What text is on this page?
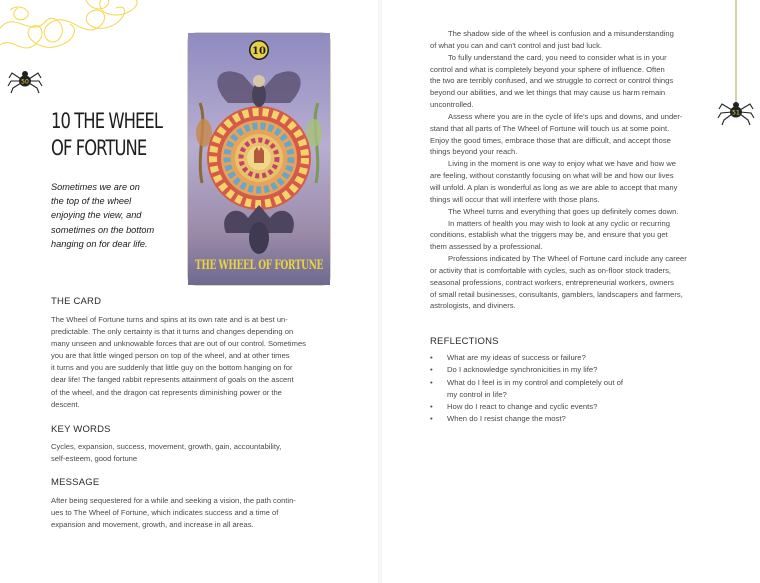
50
51
10
THE WHEEL OF FORTUNE
10 THE WHEEL
OF FORTUNE
Sometimes we are on
the top of the wheel
enjoying the view, and
sometimes on the bottom
hanging on for dear life.
THE CARD
The Wheel of Fortune turns and spins at its own rate and is at best un-
predictable. The only certainty is that it turns and changes depending on
many unseen and unknowable forces that are out of our control. Sometimes
you are that little winged person on top of the wheel, and at other times
it turns and you are suddenly that little guy on the bottom hanging on for
dear life! The fanged rabbit represents attainment of goals on the ascent
of the wheel, and the dragon cat represents diminishing power or the
descent.
KEY WORDS
Cycles, expansion, success, movement, growth, gain, accountability,
self-esteem, good fortune
MESSAGE
After being sequestered for a while and seeking a vision, the path contin-
ues to The Wheel of Fortune, which indicates success and a time of
expansion and movement, growth, and increase in all areas.
The shadow side of the wheel is confusion and a misunderstanding
of what you can and can't control and just bad luck.
To fully understand the card, you need to consider what is in your
control and what is completely beyond your sphere of influence. Often
the two are terribly confused, and we struggle to correct or control things
beyond our abilities, and we let things that may cause us harm remain
uncontrolled.
Assess where you are in the cycle of life's ups and downs, and under-
stand that all parts of The Wheel of Fortune will touch us at some point.
Enjoy the good times, embrace those that are difficult, and accept those
things beyond your reach.
Living in the moment is one way to enjoy what we have and how we
are feeling, without constantly focusing on what will be and how our lives
will unfold. A plan is wonderful as long as we are able to accept that many
things will occur that will interfere with those plans.
The Wheel turns and everything that goes up definitely comes down.
In matters of health you may wish to look at any cyclic or recurring
conditions, establish what the triggers may be, and ensure that you get
them assessed by a professional.
Professions indicated by The Wheel of Fortune card include any career
or activity that is comfortable with cycles, such as on-floor stock traders,
seasonal professions, contract workers, entrepreneurial workers, owners
of small retail businesses, consultants, gamblers, landscapers and farmers,
astrologists, and diviners.
REFLECTIONS
• What are my ideas of success or failure?
• Do I acknowledge synchronicities in my life?
• What do I feel is in my control and completely out of
my control in life?
• How do I react to change and cyclic events?
• When do I resist change the most?
